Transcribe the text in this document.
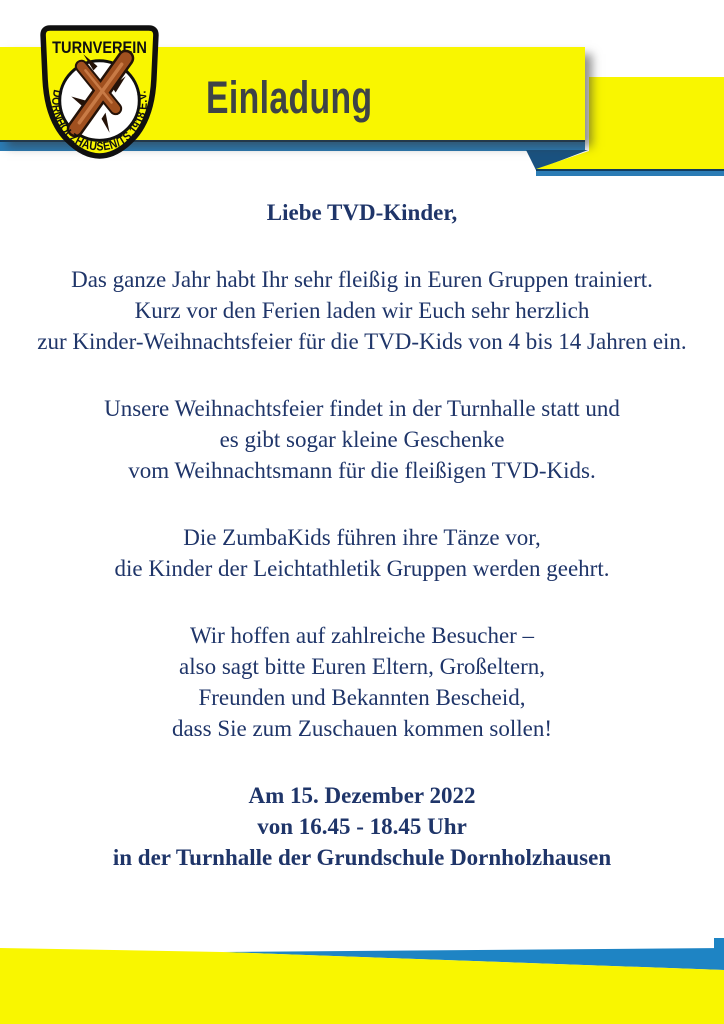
Einladung
TURNVEREIN
DORNHOLZHAUSEN/TS.1918 E.V.

Liebe TVD-Kinder,

Das ganze Jahr habt Ihr sehr fleißig in Euren Gruppen trainiert.
Kurz vor den Ferien laden wir Euch sehr herzlich
zur Kinder-Weihnachtsfeier für die TVD-Kids von 4 bis 14 Jahren ein.

Unsere Weihnachtsfeier findet in der Turnhalle statt und
es gibt sogar kleine Geschenke
vom Weihnachtsmann für die fleißigen TVD-Kids.

Die ZumbaKids führen ihre Tänze vor,
die Kinder der Leichtathletik Gruppen werden geehrt.

Wir hoffen auf zahlreiche Besucher –
also sagt bitte Euren Eltern, Großeltern,
Freunden und Bekannten Bescheid,
dass Sie zum Zuschauen kommen sollen!

Am 15. Dezember 2022
von 16.45 - 18.45 Uhr
in der Turnhalle der Grundschule Dornholzhausen
